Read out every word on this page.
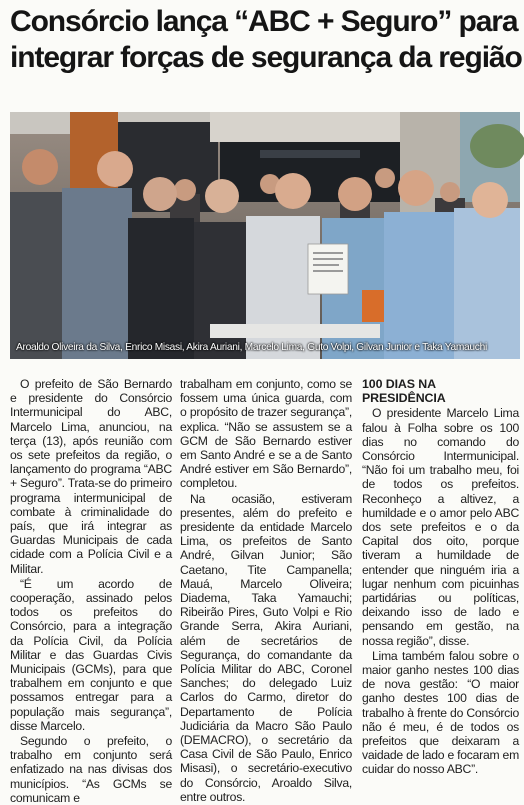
Consórcio lança “ABC + Seguro” para
integrar forças de segurança da região
Aroaldo Oliveira da Silva, Enrico Misasi, Akira Auriani, Marcelo Lima, Guto Volpi, Gilvan Junior e Taka Yamauchi

O prefeito de São Bernardo e presidente do Consórcio Intermunicipal do ABC, Marcelo Lima, anunciou, na terça (13), após reunião com os sete prefeitos da região, o lançamento do programa “ABC + Seguro”. Trata-se do primeiro programa intermunicipal de combate à criminalidade do país, que irá integrar as Guardas Municipais de cada cidade com a Polícia Civil e a Militar.

“É um acordo de cooperação, assinado pelos todos os prefeitos do Consórcio, para a integração da Polícia Civil, da Polícia Militar e das Guardas Civis Municipais (GCMs), para que trabalhem em conjunto e que possamos entregar para a população mais segurança”, disse Marcelo.

Segundo o prefeito, o trabalho em conjunto será enfatizado na nas divisas dos municípios. “As GCMs se comunicam e

trabalham em conjunto, como se fossem uma única guarda, com o propósito de trazer segurança”, explica. “Não se assustem se a GCM de São Bernardo estiver em Santo André e se a de Santo André estiver em São Bernardo”, completou.

Na ocasião, estiveram presentes, além do prefeito e presidente da entidade Marcelo Lima, os prefeitos de Santo André, Gilvan Junior; São Caetano, Tite Campanella; Mauá, Marcelo Oliveira; Diadema, Taka Yamauchi; Ribeirão Pires, Guto Volpi e Rio Grande Serra, Akira Auriani, além de secretários de Segurança, do comandante da Polícia Militar do ABC, Coronel Sanches; do delegado Luiz Carlos do Carmo, diretor do Departamento de Polícia Judiciária da Macro São Paulo (DEMACRO), o secretário da Casa Civil de São Paulo, Enrico Misasi), o secretário-executivo do Consórcio, Aroaldo Silva, entre outros.

100 DIAS NA PRESIDÊNCIA

O presidente Marcelo Lima falou à Folha sobre os 100 dias no comando do Consórcio Intermunicipal. “Não foi um trabalho meu, foi de todos os prefeitos. Reconheço a altivez, a humildade e o amor pelo ABC dos sete prefeitos e o da Capital dos oito, porque tiveram a humildade de entender que ninguém iria a lugar nenhum com picuinhas partidárias ou políticas, deixando isso de lado e pensando em gestão, na nossa região”, disse.

Lima também falou sobre o maior ganho nestes 100 dias de nova gestão: “O maior ganho destes 100 dias de trabalho à frente do Consórcio não é meu, é de todos os prefeitos que deixaram a vaidade de lado e focaram em cuidar do nosso ABC”.
